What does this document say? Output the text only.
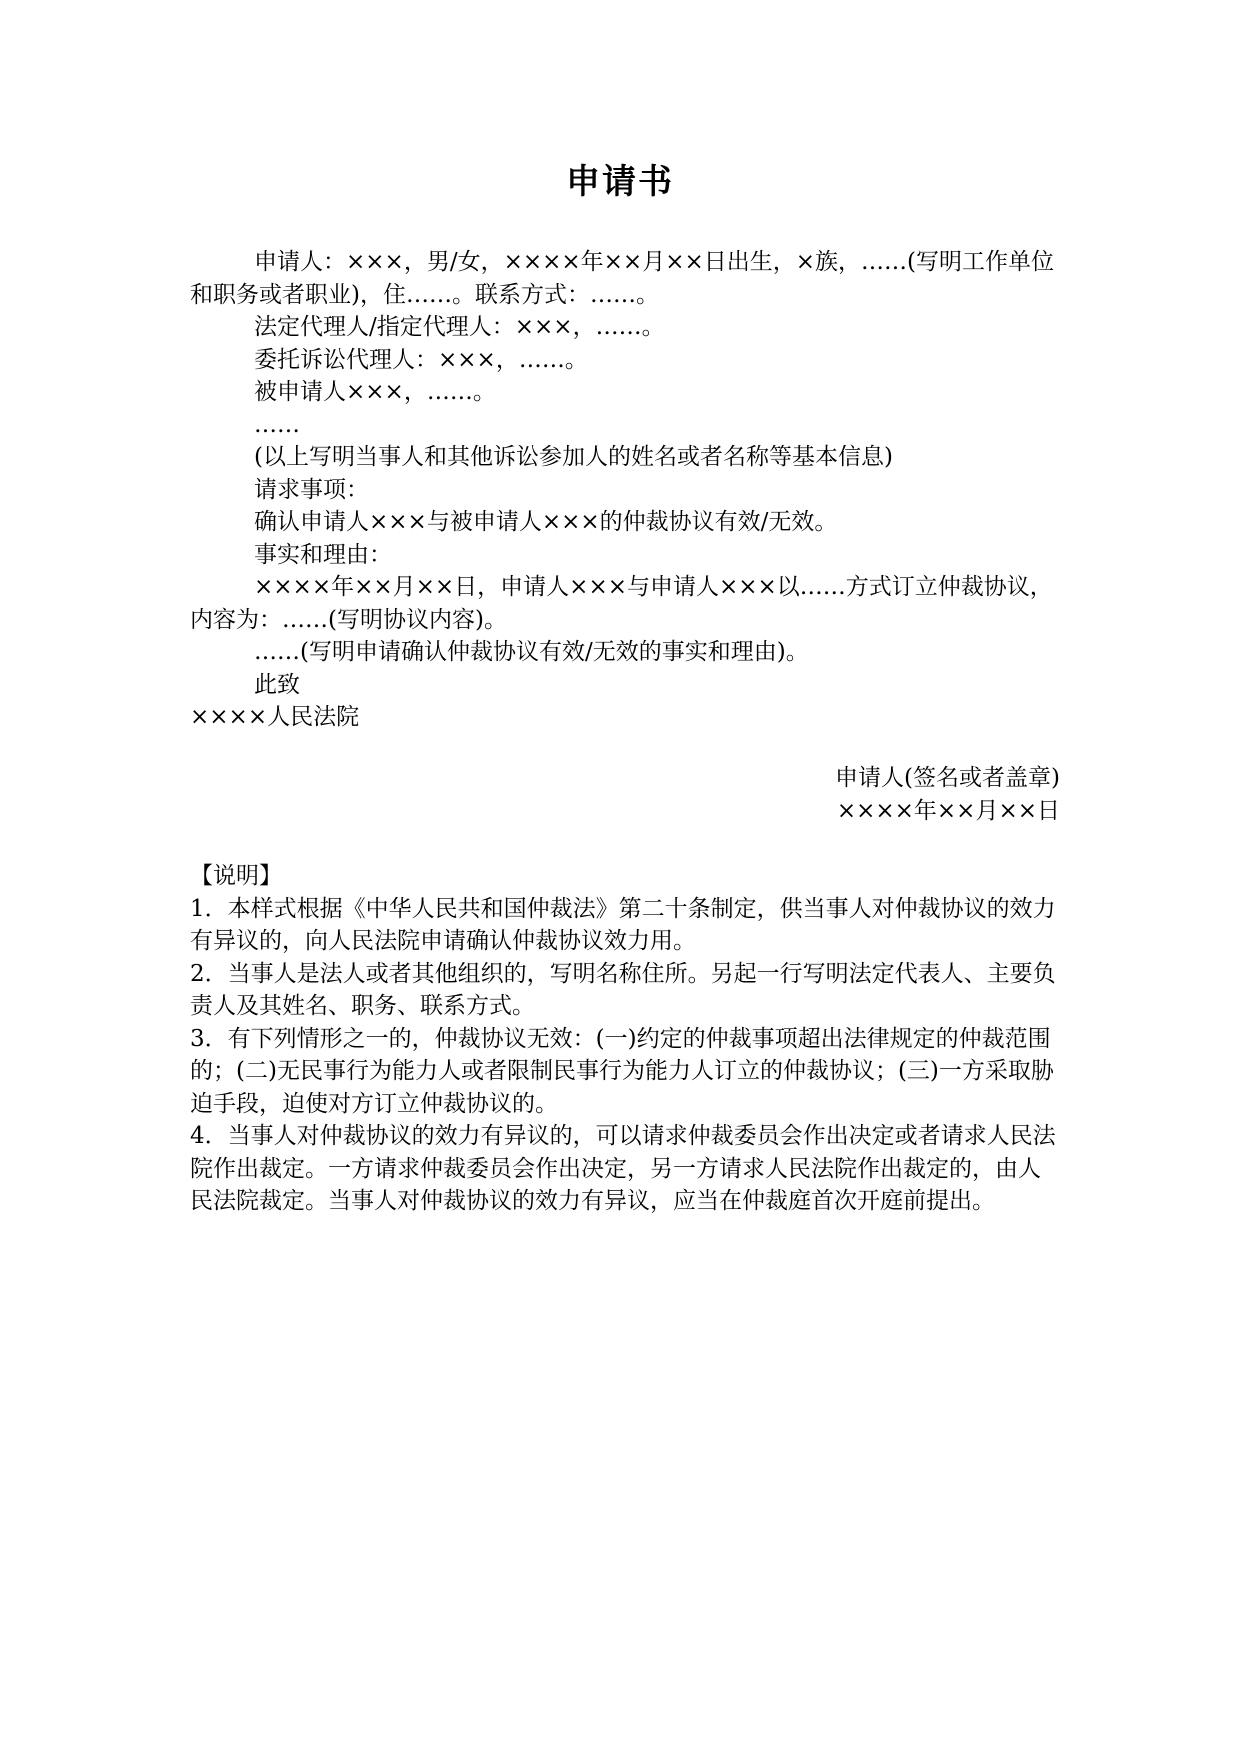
申请书

申请人：×××，男/女，××××年××月××日出生，×族，……(写明工作单位和职务或者职业)，住……。联系方式：……。

法定代理人/指定代理人：×××，……。

委托诉讼代理人：×××，……。

被申请人×××，……。

……

(以上写明当事人和其他诉讼参加人的姓名或者名称等基本信息)

请求事项：

确认申请人×××与被申请人×××的仲裁协议有效/无效。

事实和理由：

××××年××月××日，申请人×××与申请人×××以……方式订立仲裁协议，内容为：……(写明协议内容)。

……(写明申请确认仲裁协议有效/无效的事实和理由)。

此致

××××人民法院

申请人(签名或者盖章)

××××年××月××日

【说明】

1．本样式根据《中华人民共和国仲裁法》第二十条制定，供当事人对仲裁协议的效力有异议的，向人民法院申请确认仲裁协议效力用。

2．当事人是法人或者其他组织的，写明名称住所。另起一行写明法定代表人、主要负责人及其姓名、职务、联系方式。

3．有下列情形之一的，仲裁协议无效：(一)约定的仲裁事项超出法律规定的仲裁范围的；(二)无民事行为能力人或者限制民事行为能力人订立的仲裁协议；(三)一方采取胁迫手段，迫使对方订立仲裁协议的。

4．当事人对仲裁协议的效力有异议的，可以请求仲裁委员会作出决定或者请求人民法院作出裁定。一方请求仲裁委员会作出决定，另一方请求人民法院作出裁定的，由人民法院裁定。当事人对仲裁协议的效力有异议，应当在仲裁庭首次开庭前提出。
